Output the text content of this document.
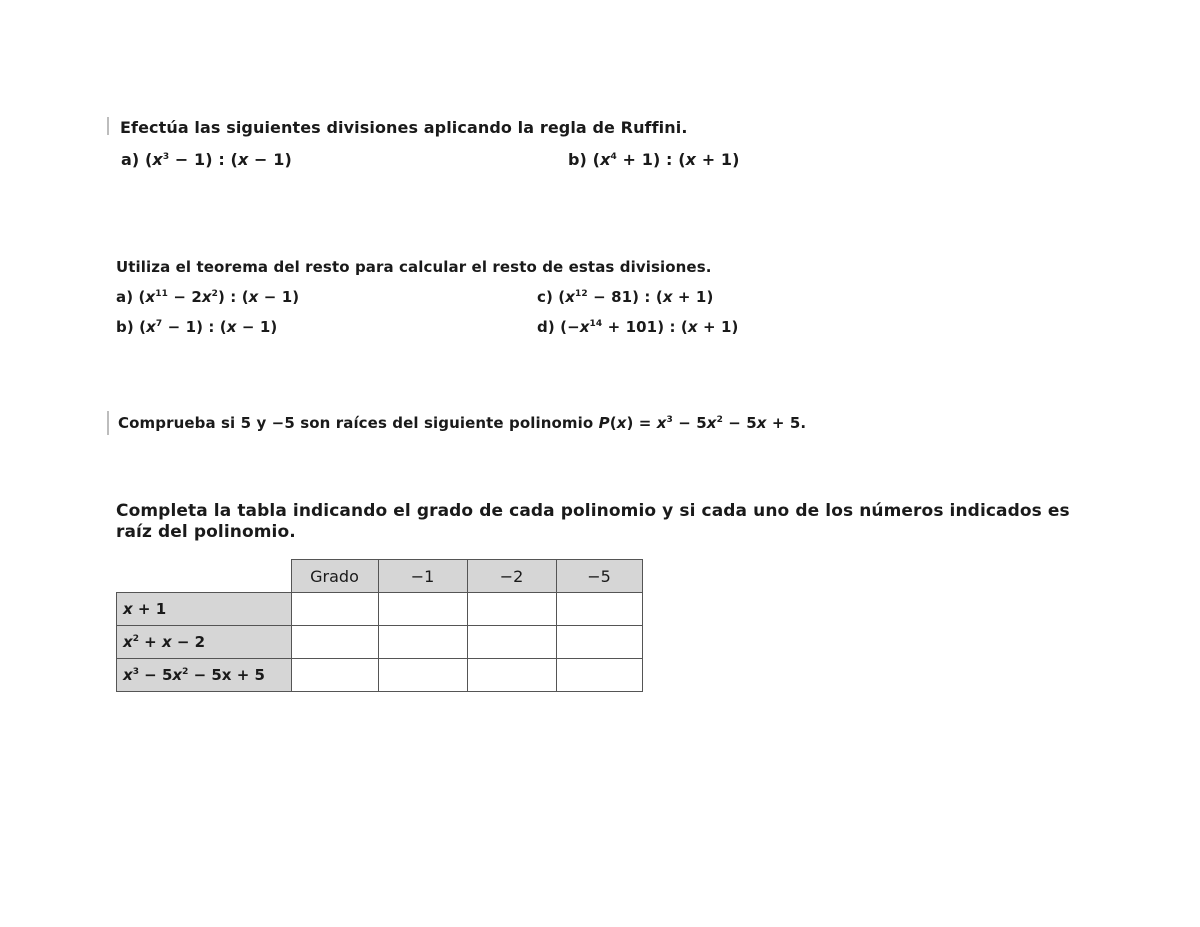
Efectúa las siguientes divisiones aplicando la regla de Ruffini.
a) $(x^3 - 1)$ : (x − 1)	b) $(x^4 + 1)$ : (x + 1)
Utiliza el teorema del resto para calcular el resto de estas divisiones.
a) $(x^{11} - 2x^2)$ : (x − 1)
b) $(x^7 - 1)$ : (x − 1)
c) $(x^{12} - 81)$ : (x + 1)
d) $(-x^{14} + 101)$ : (x + 1)
Comprueba si 5 y −5 son raíces del siguiente polinomio $P(x) = x^3 - 5x^2 - 5x + 5$.
Completa la tabla indicando el grado de cada polinomio y si cada uno de los números indicados es raíz del polinomio.
	Grado	−1	−2	−5
x + 1				
$x^2 + x - 2$				
$x^3 - 5x^2 - 5x + 5$				
